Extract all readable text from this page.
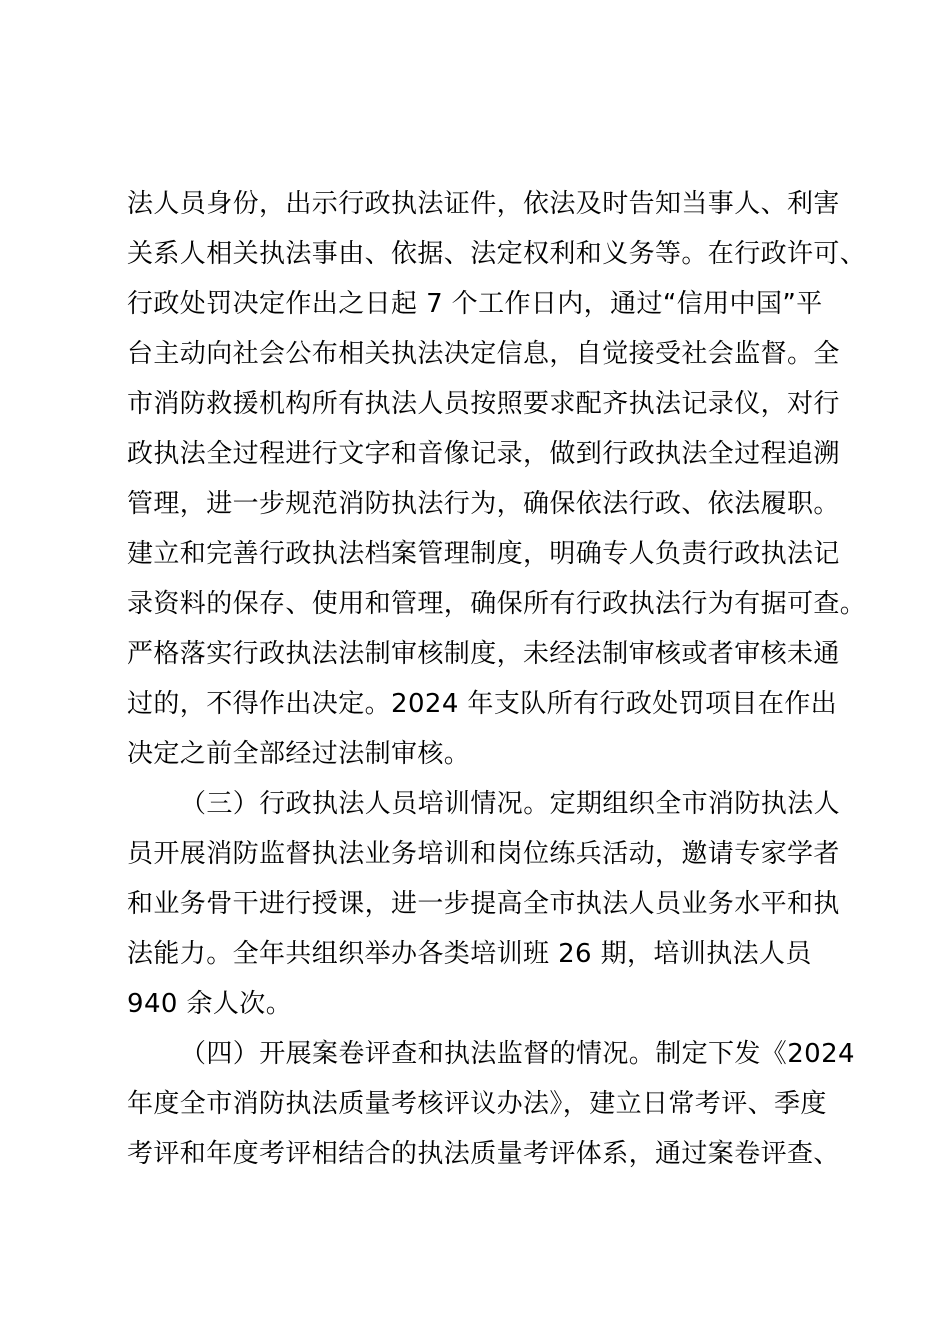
法人员身份，出示行政执法证件，依法及时告知当事人、利害
关系人相关执法事由、依据、法定权利和义务等。在行政许可、
行政处罚决定作出之日起 7 个工作日内，通过“信用中国”平
台主动向社会公布相关执法决定信息，自觉接受社会监督。全
市消防救援机构所有执法人员按照要求配齐执法记录仪，对行
政执法全过程进行文字和音像记录，做到行政执法全过程追溯
管理，进一步规范消防执法行为，确保依法行政、依法履职。
建立和完善行政执法档案管理制度，明确专人负责行政执法记
录资料的保存、使用和管理，确保所有行政执法行为有据可查。
严格落实行政执法法制审核制度，未经法制审核或者审核未通
过的，不得作出决定。2024 年支队所有行政处罚项目在作出
决定之前全部经过法制审核。
（三）行政执法人员培训情况。定期组织全市消防执法人
员开展消防监督执法业务培训和岗位练兵活动，邀请专家学者
和业务骨干进行授课，进一步提高全市执法人员业务水平和执
法能力。全年共组织举办各类培训班 26 期，培训执法人员
940 余人次。
（四）开展案卷评查和执法监督的情况。制定下发《2024
年度全市消防执法质量考核评议办法》，建立日常考评、季度
考评和年度考评相结合的执法质量考评体系，通过案卷评查、
